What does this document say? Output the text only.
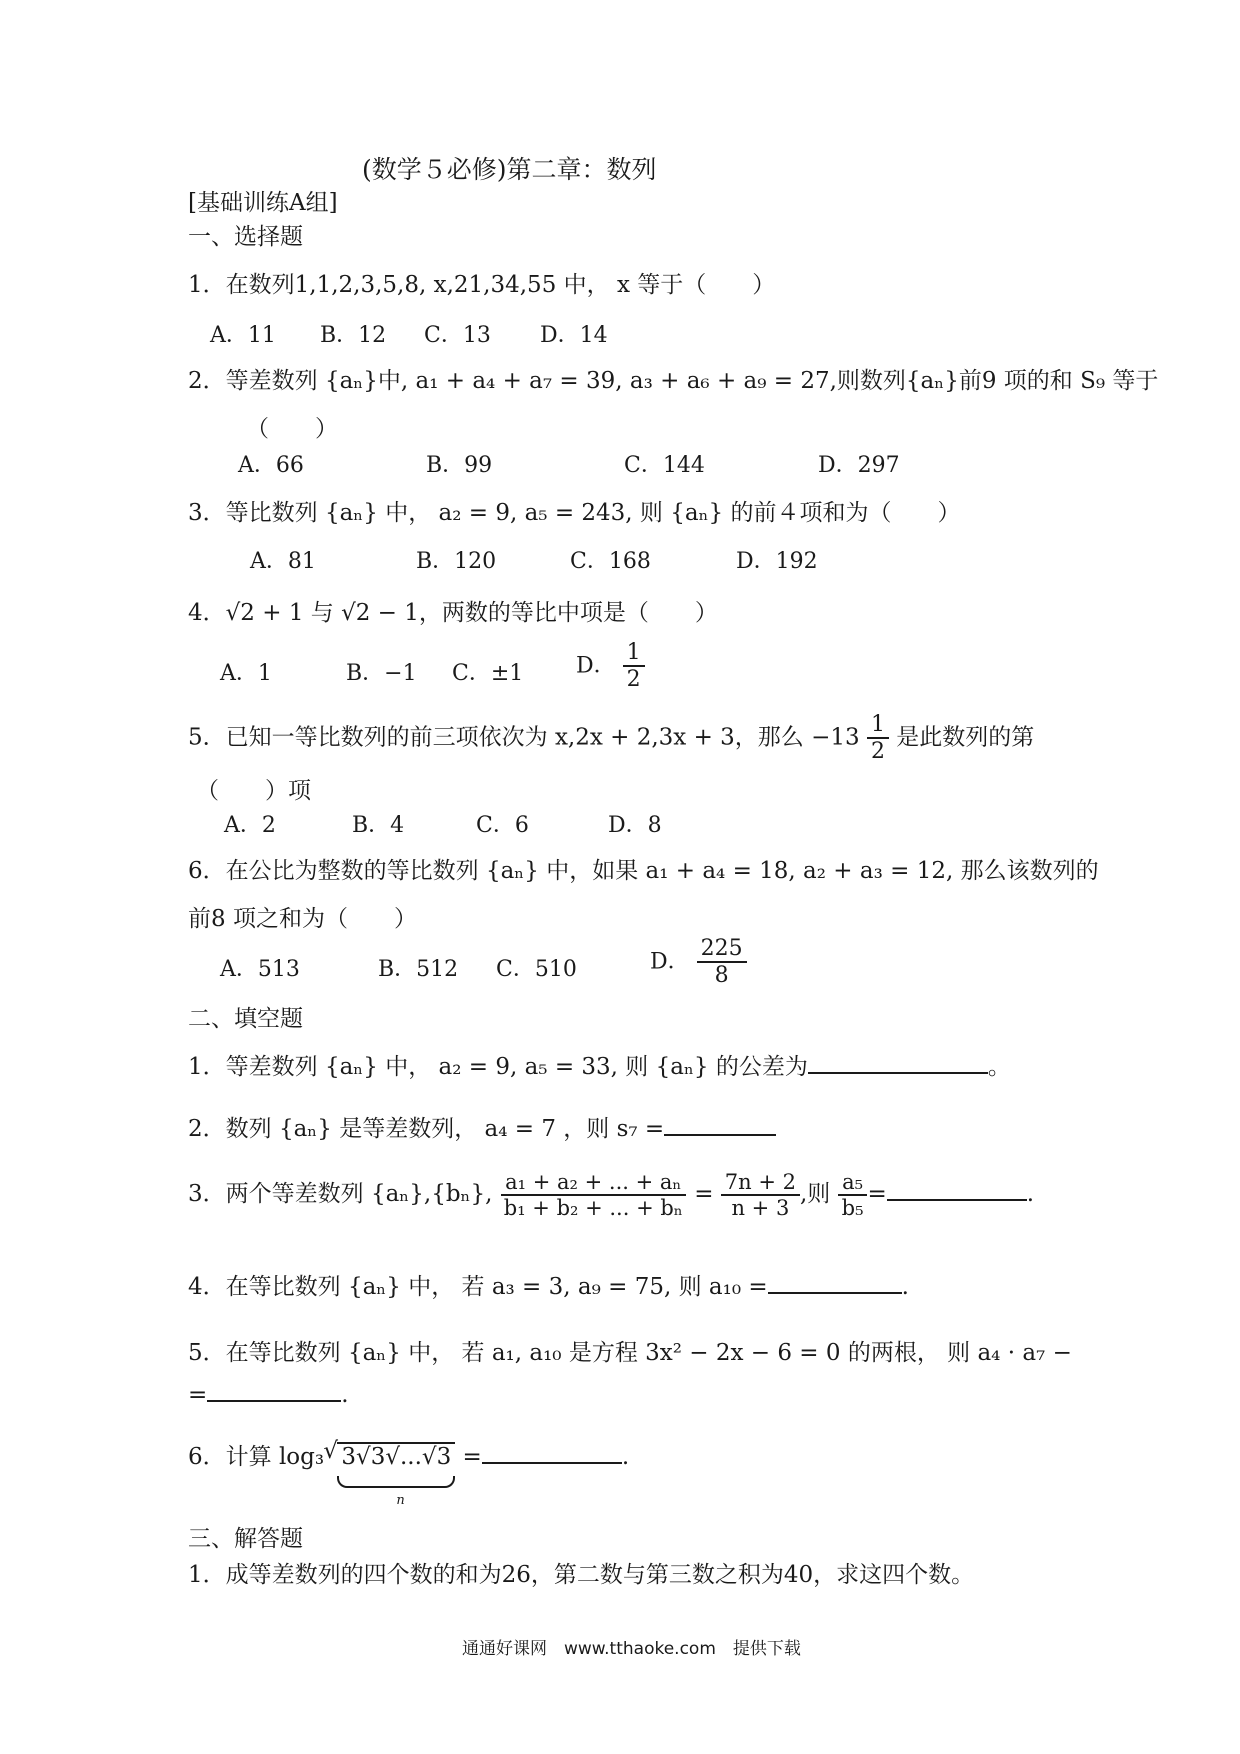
(数学５必修)第二章：数列
[基础训练A组]
一、选择题
1．在数列1,1,2,3,5,8, x,21,34,55 中， x 等于（　　）
A．11 B．12 C．13 D．14
2．等差数列 {aₙ}中, a₁ + a₄ + a₇ = 39, a₃ + a₆ + a₉ = 27,则数列{aₙ}前9 项的和 S₉ 等于
（　　）
A．66	B．99	C．144	D．297
3．等比数列 {aₙ} 中， a₂ = 9, a₅ = 243, 则 {aₙ} 的前４项和为（　　）
A．81	B．120	C．168	D．192
4．√2 + 1 与 √2 − 1，两数的等比中项是（　　）
A．1	B．−1 C．±1 D． $\frac{1}{2}$
5．已知一等比数列的前三项依次为 x,2x + 2,3x + 3，那么 $-13 \frac{1}{2}$ 是此数列的第
（　　）项
A．2	B．4	C．6	D．8
6．在公比为整数的等比数列 {aₙ} 中，如果 a₁ + a₄ = 18, a₂ + a₃ = 12, 那么该数列的
前8 项之和为（　　）
A．513	B．512 C．510	D． $\frac{225}{8}$
二、填空题
1．等差数列 {aₙ} 中， a₂ = 9, a₅ = 33, 则 {aₙ} 的公差为	。
2．数列 {aₙ} 是等差数列， a₄ = 7 ，则 s₇ =
3．两个等差数列 {aₙ},{bₙ}, $\frac{\text{a₁ + a₂ + ... + aₙ}}{\text{b₁ + b₂ + ... + bₙ}} = \frac{7n + 2}{n + 3}$ ,则 $\frac{\text{a₅}}{\text{b₅}}$ =	.
4．在等比数列 {aₙ} 中， 若 a₃ = 3, a₉ = 75, 则 a₁₀ =	.
5．在等比数列 {aₙ} 中， 若 a₁, a₁₀ 是方程 3x² − 2x − 6 = 0 的两根， 则 a₄ · a₇ −
=	.
6．计算 log₃ √ 3√3√...√3
n
=	.
三、解答题
1．成等差数列的四个数的和为26，第二数与第三数之积为40，求这四个数。
通通好课网　www.tthaoke.com　提供下载
